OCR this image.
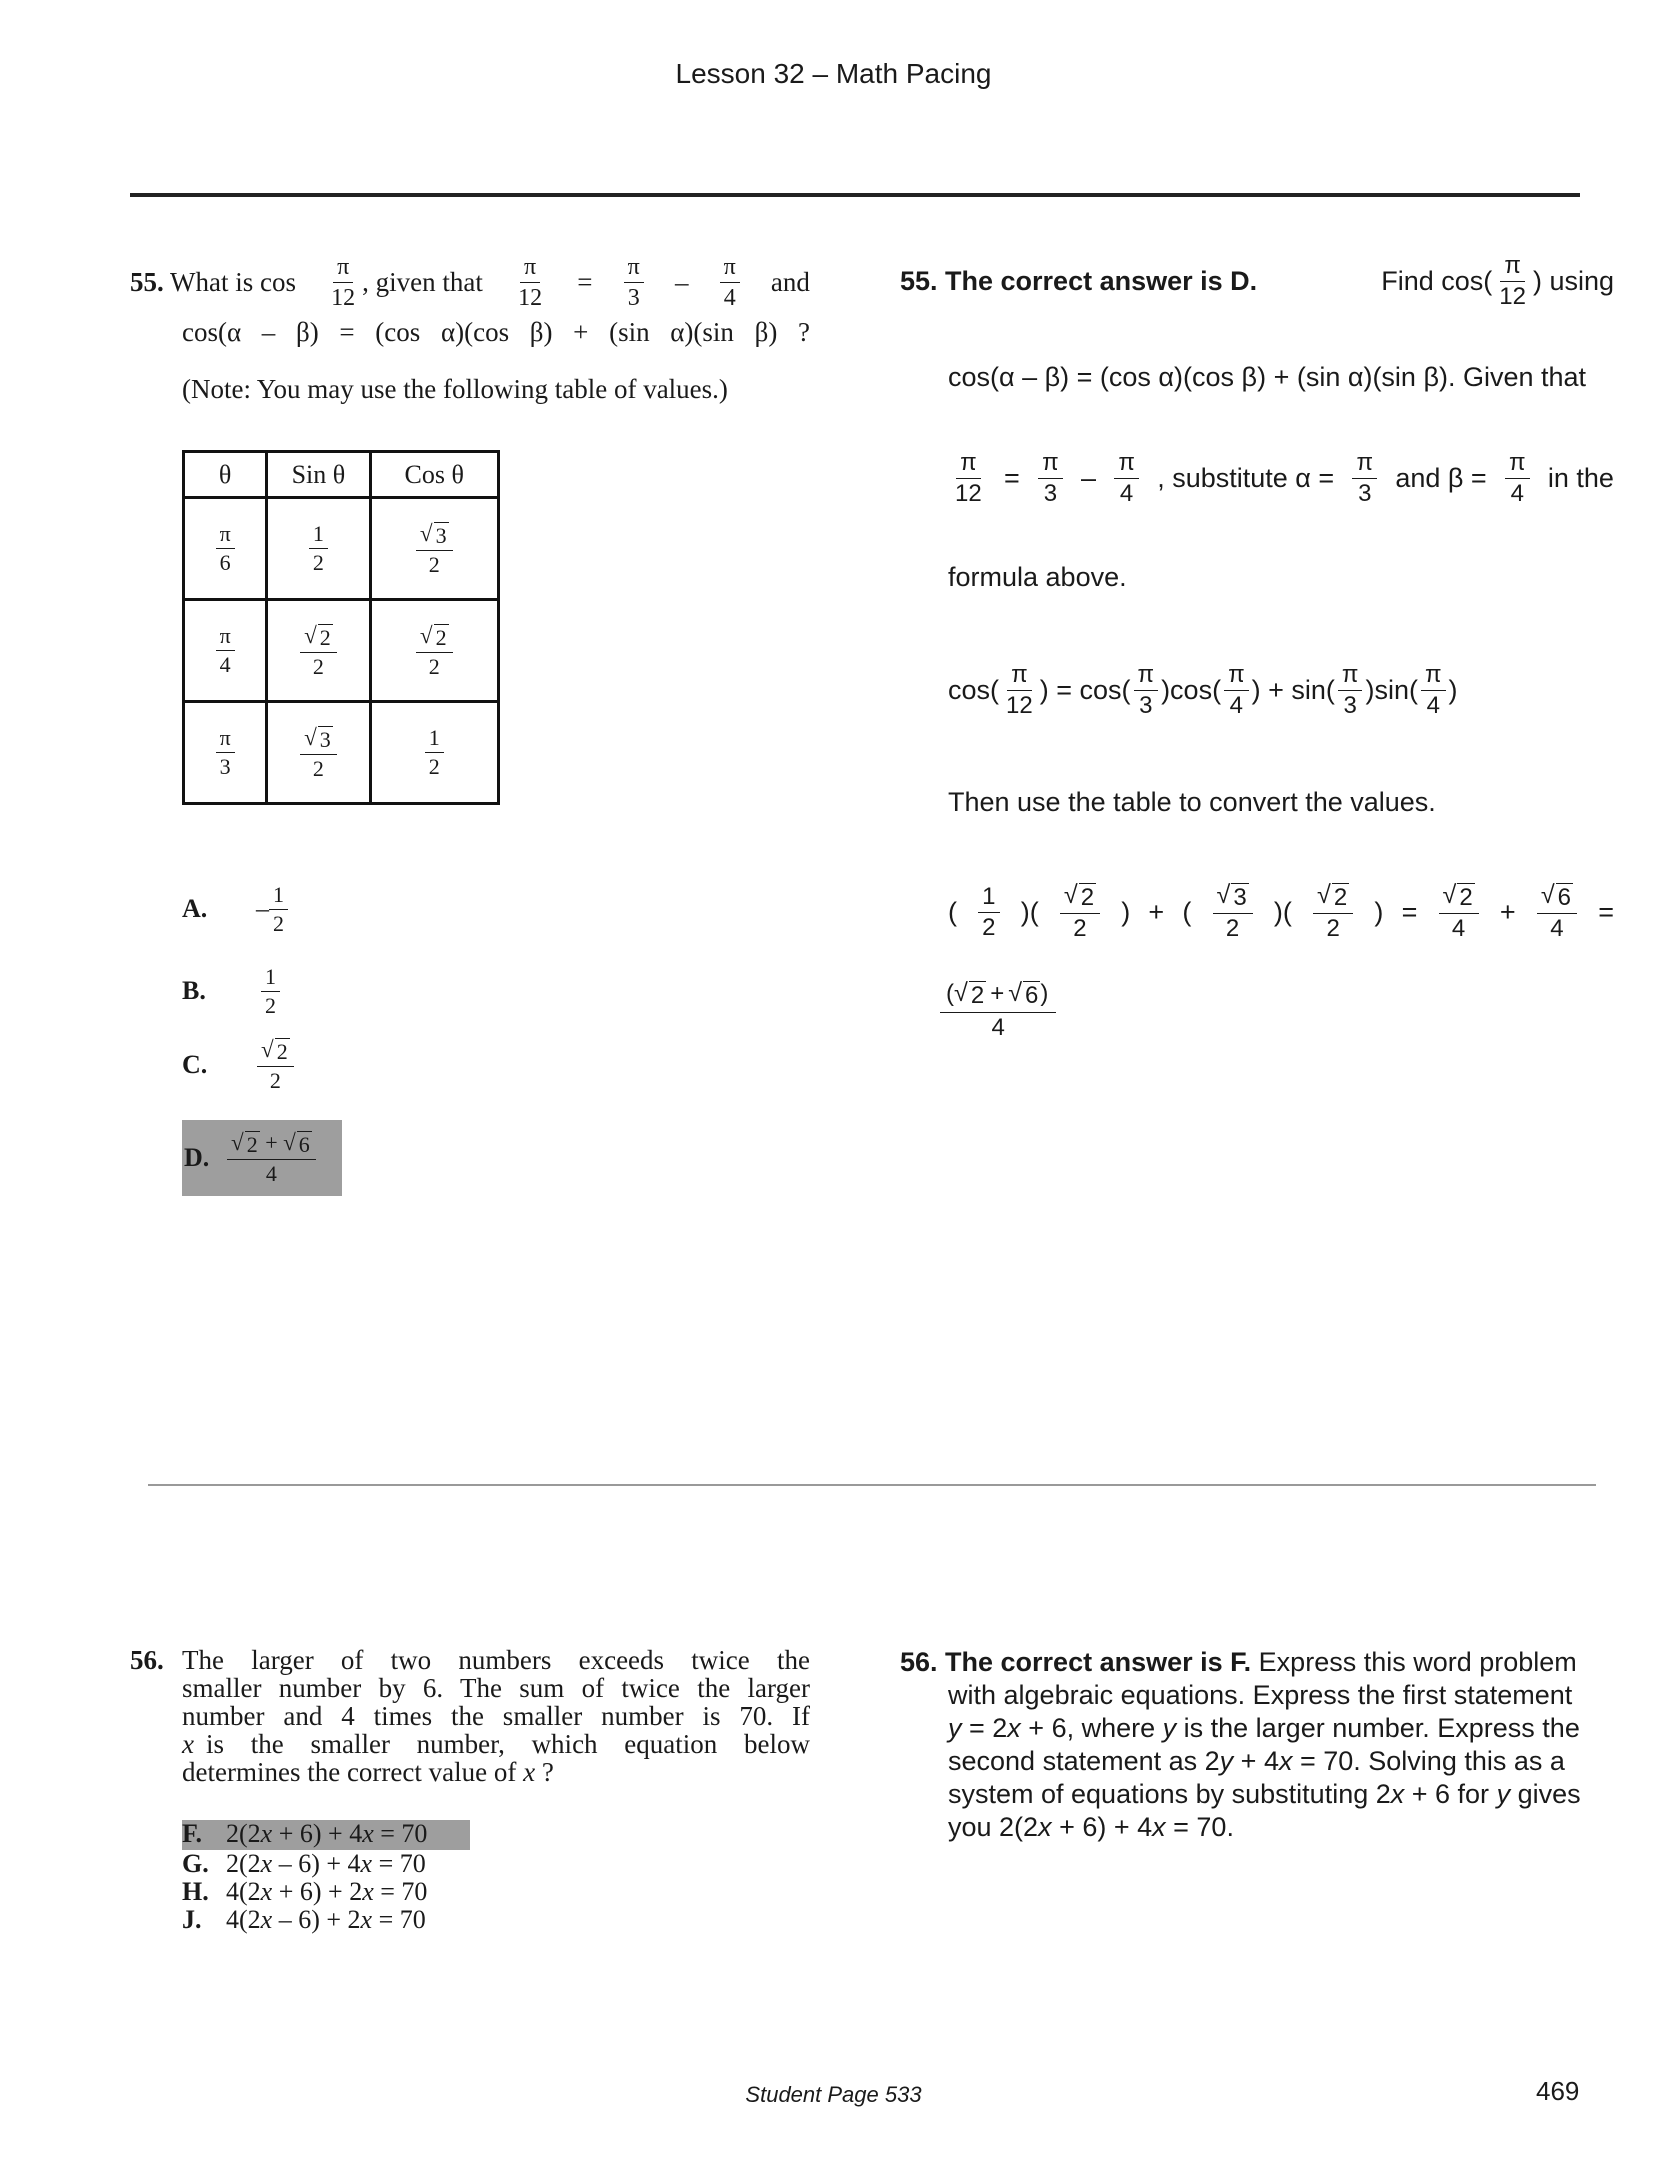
Lesson 32 – Math Pacing
55. What is $\cos \frac{\pi}{12}$ , given that $\frac{\pi}{12} = \frac{\pi}{3} - \frac{\pi}{4}$ and
cos(α – β) = (cos α)(cos β) + (sin α)(sin β) ?
(Note: You may use the following table of values.)
θ	Sin θ	Cos θ

$\frac{\pi}{6}$	$\frac{1}{2}$	$\frac{√ 3}{2}$

$\frac{\pi}{4}$	$\frac{√ 2}{2}$	$\frac{√ 2}{2}$

$\frac{\pi}{3}$	$\frac{√ 3}{2}$	$\frac{1}{2}$
A.	– $\frac{1}{2}$
B.	$\frac{1}{2}$
C.	$\frac{√ 2}{2}$
D. $\frac{√ 2 + √ 6}{4}$
55. The correct answer is D.	Find $\cos( \frac{\pi}{12}$ ) using
cos(α – β) = (cos α)(cos β) + (sin α)(sin β). Given that
$\frac{\pi}{12} = \frac{\pi}{3} - \frac{\pi}{4}$ , substitute $\alpha = \frac{\pi}{3}$ and $\beta = \frac{\pi}{4}$ in the
formula above.
$\cos( \frac{\pi}{12}$ ) = $\cos( \frac{\pi}{3} )\cos( \frac{\pi}{4}$ ) + $\sin( \frac{\pi}{3} )\sin( \frac{\pi}{4}$ )
Then use the table to convert the values.
( $\frac{1}{2}$ )( $\frac{√ 2}{2}$ ) + ( $\frac{√ 3}{2}$ )( $\frac{√ 2}{2}$ ) = $\frac{√ 2}{4} + \frac{√ 6}{4}$ =
$\frac{( √ 2 + √ 6 )}{4}$
56. The larger of two numbers exceeds twice the
smaller number by 6. The sum of twice the larger
number and 4 times the smaller number is 70. If
x is the smaller number, which equation below
determines the correct value of x ?
F. 2(2x + 6) + 4x = 70
G. 2(2x – 6) + 4x = 70
H. 4(2x + 6) + 2x = 70
J. 4(2x – 6) + 2x = 70
56. The correct answer is F. Express this word problem
with algebraic equations. Express the first statement
y = 2x + 6, where y is the larger number. Express the
second statement as 2y + 4x = 70. Solving this as a
system of equations by substituting 2x + 6 for y gives
you 2(2x + 6) + 4x = 70.
Student Page 533	469
